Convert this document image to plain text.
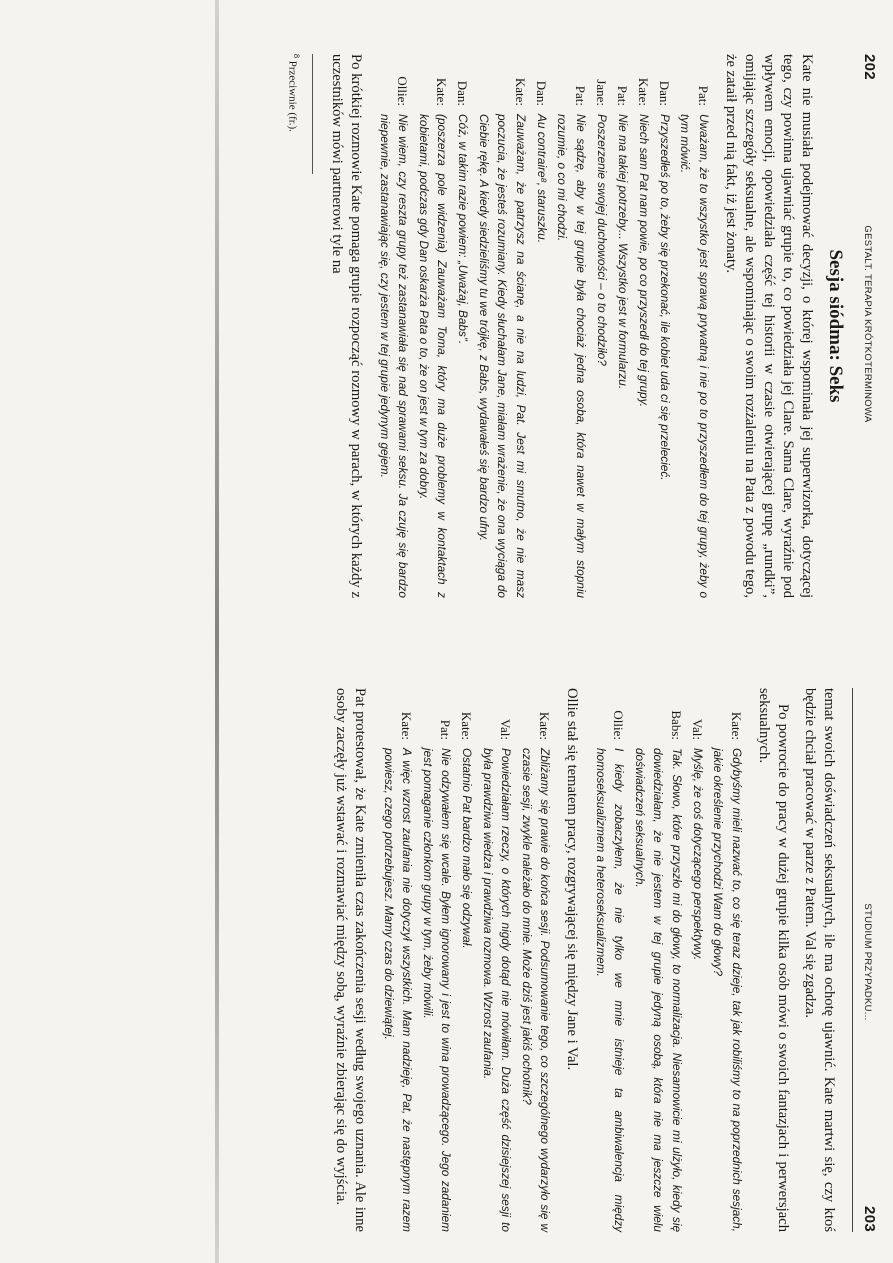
202
GESTALT. TERAPIA KRÓTKOTERMINOWA
Sesja siódma: Seks

Kate nie musiała podejmować decyzji, o której wspominała jej superwizorka, dotyczącej tego, czy powinna ujawniać grupie to, co powiedziała jej Clare. Sama Clare, wyraźnie pod wpływem emocji, opowiedziała część tej historii w czasie otwierającej grupę „rundki”, omijając szczegóły seksualne, ale wspominając o swoim rozżaleniu na Pata z powodu tego, że zataił przed nią fakt, iż jest żonaty.

Pat:
Uważam, że to wszystko jest sprawą prywatną i nie po to przyszedłem do tej grupy, żeby o tym mówić.
Dan:
Przyszedłeś po to, żeby się przekonać, ile kobiet uda ci się przelecieć.
Kate:
Niech sam Pat nam powie, po co przyszedł do tej grupy.
Pat:
Nie ma takiej potrzeby... Wszystko jest w formularzu.
Jane:
Poszerzenie swojej duchowości – o to chodziło?
Pat:
Nie sądzę, aby w tej grupie była chociaż jedna osoba, która nawet w małym stopniu rozumie, o co mi chodzi.
Dan:
Au contraire⁸, staruszku.
Kate:
Zauważam, że patrzysz na ścianę, a nie na ludzi, Pat. Jest mi smutno, że nie masz poczucia, że jesteś rozumiany. Kiedy słuchałam Jane, miałam wrażenie, że ona wyciąga do Ciebie rękę. A kiedy siedzieliśmy tu we trójkę, z Babs, wydawałeś się bardzo ufny.
Dan:
Cóż, w takim razie powiem: „Uważaj, Babs”.
Kate:
(poszerza pole widzenia) Zauważam Toma, który ma duże problemy w kontaktach z kobietami, podczas gdy Dan oskarża Pata o to, że on jest w tym za dobry.
Ollie:
Nie wiem, czy reszta grupy też zastanawiała się nad sprawami seksu. Ja czuję się bardzo niepewnie, zastanawiając się, czy jestem w tej grupie jedynym gejem.

Po krótkiej rozmowie Kate pomaga grupie rozpocząć rozmowy w parach, w których każdy z uczestników mówi partnerowi tyle na

$^8$ Przeciwnie (fr.).
STUDIUM PRZYPADKU...
203

temat swoich doświadczeń seksualnych, ile ma ochotę ujawnić. Kate martwi się, czy ktoś będzie chciał pracować w parze z Patem. Val się zgadza.

Po powrocie do pracy w dużej grupie kilka osób mówi o swoich fantazjach i perwersjach seksualnych.

Kate:
Gdybyśmy mieli nazwać to, co się teraz dzieje, tak jak robiliśmy to na poprzednich sesjach, jakie określenie przychodzi Wam do głowy?
Val:
Myślę, że coś dotyczącego perspektywy.
Babs:
Tak. Słowo, które przyszło mi do głowy, to normalizacja. Niesamowicie mi ulżyło, kiedy się dowiedziałam, że nie jestem w tej grupie jedyną osobą, która nie ma jeszcze wielu doświadczeń seksualnych.
Ollie:
I kiedy zobaczyłem, że nie tylko we mnie istnieje ta ambiwalencja między homoseksualizmem a heteroseksualizmem.

Ollie stał się tematem pracy, rozgrywającej się między Jane i Val.

Kate:
Zbliżamy się prawie do końca sesji. Podsumowanie tego, co szczególnego wydarzyło się w czasie sesji, zwykle należało do mnie. Może dziś jest jakiś ochotnik?
Val:
Powiedziałam rzeczy, o których nigdy dotąd nie mówiłam. Duża część dzisiejszej sesji to była prawdziwa wiedza i prawdziwa rozmowa. Wzrost zaufania.
Kate:
Ostatnio Pat bardzo mało się odzywał.
Pat:
Nie odzywałem się wcale. Byłem ignorowany i jest to wina prowadzącego. Jego zadaniem jest pomaganie członkom grupy w tym, żeby mówili.
Kate:
A więc wzrost zaufania nie dotyczył wszystkich. Mam nadzieję, Pat, że następnym razem powiesz, czego potrzebujesz. Mamy czas do dziewiątej.

Pat protestował, że Kate zmieniła czas zakończenia sesji według swojego uznania. Ale inne osoby zaczęły już wstawać i rozmawiać między sobą, wyraźnie zbierając się do wyjścia.
